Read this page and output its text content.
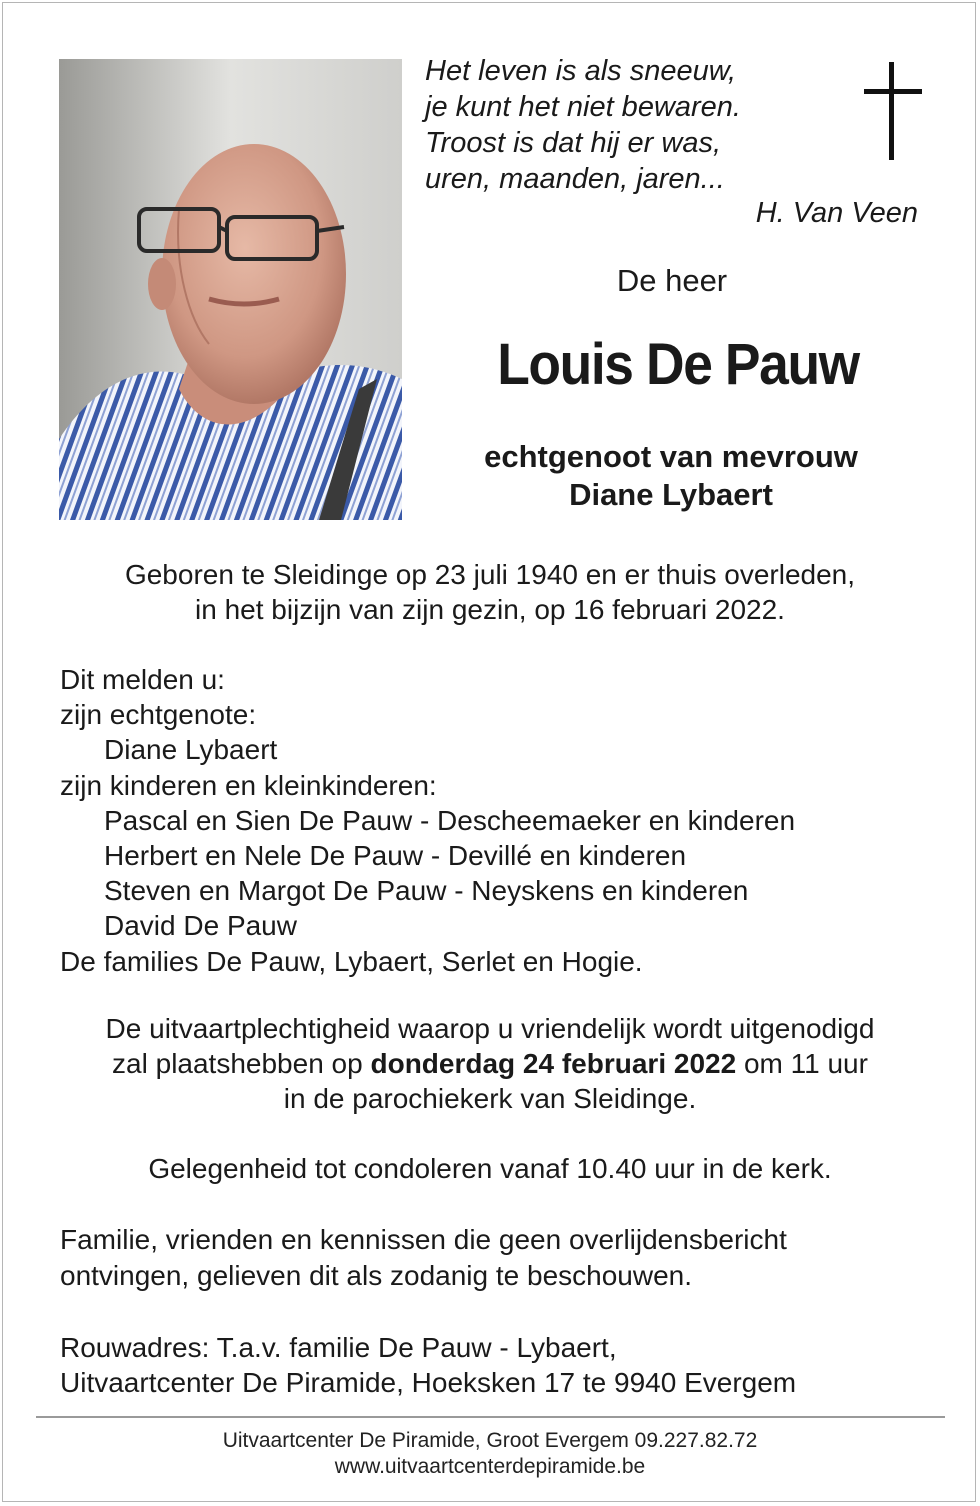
Het leven is als sneeuw,
je kunt het niet bewaren.
Troost is dat hij er was,
uren, maanden, jaren...
H. Van Veen
De heer
Louis De Pauw
echtgenoot van mevrouw
Diane Lybaert
Geboren te Sleidinge op 23 juli 1940 en er thuis overleden,
in het bijzijn van zijn gezin, op 16 februari 2022.
Dit melden u:
zijn echtgenote:
Diane Lybaert
zijn kinderen en kleinkinderen:
Pascal en Sien De Pauw - Descheemaeker en kinderen
Herbert en Nele De Pauw - Devillé en kinderen
Steven en Margot De Pauw - Neyskens en kinderen
David De Pauw
De families De Pauw, Lybaert, Serlet en Hogie.
De uitvaartplechtigheid waarop u vriendelijk wordt uitgenodigd
zal plaatshebben op donderdag 24 februari 2022 om 11 uur
in de parochiekerk van Sleidinge.
Gelegenheid tot condoleren vanaf 10.40 uur in de kerk.
Familie, vrienden en kennissen die geen overlijdensbericht
ontvingen, gelieven dit als zodanig te beschouwen.
Rouwadres: T.a.v. familie De Pauw - Lybaert,
Uitvaartcenter De Piramide, Hoeksken 17 te 9940 Evergem
Uitvaartcenter De Piramide, Groot Evergem 09.227.82.72
www.uitvaartcenterdepiramide.be
